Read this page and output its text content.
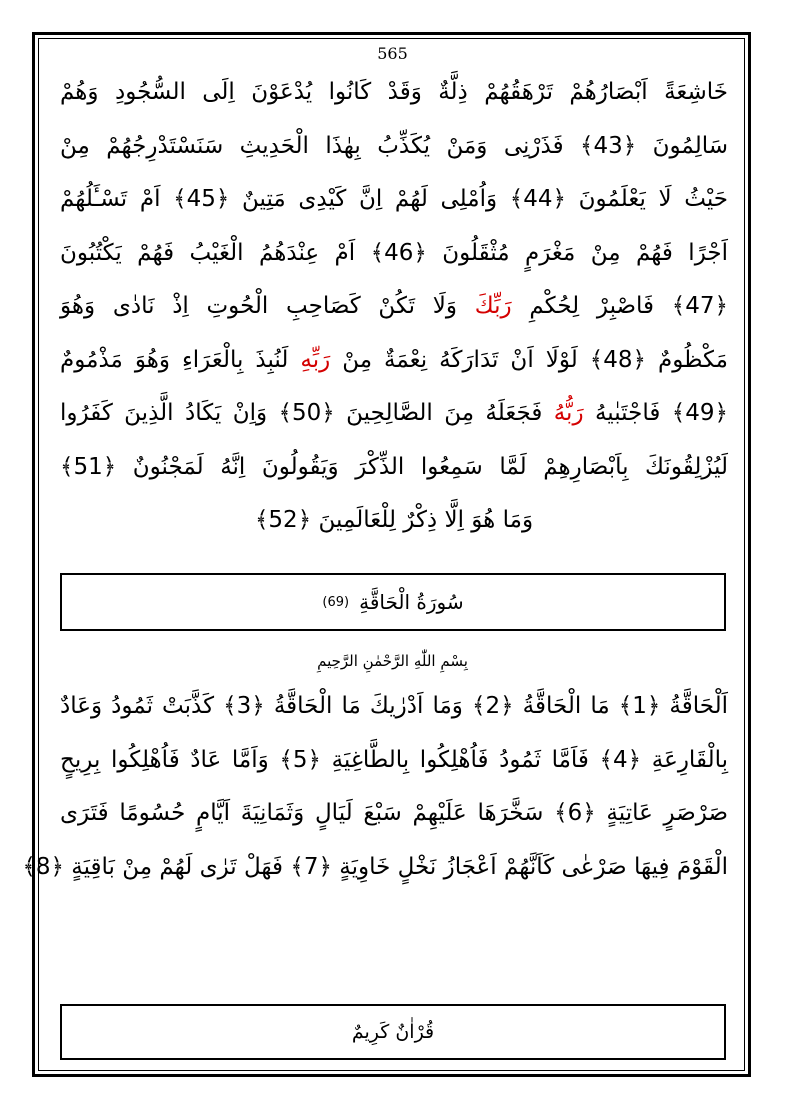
565
خَاشِعَةً اَبْصَارُهُمْ تَرْهَقُهُمْ ذِلَّةٌ وَقَدْ كَانُوا يُدْعَوْنَ اِلَى السُّجُودِ وَهُمْ
سَالِمُونَ ﴿43﴾ فَذَرْنِى وَمَنْ يُكَذِّبُ بِهٰذَا الْحَدِيثِ سَنَسْتَدْرِجُهُمْ مِنْ
حَيْثُ لَا يَعْلَمُونَ ﴿44﴾ وَاُمْلِى لَهُمْ اِنَّ كَيْدِى مَتِينٌ ﴿45﴾ اَمْ تَسْـَٔلُهُمْ
اَجْرًا فَهُمْ مِنْ مَغْرَمٍ مُثْقَلُونَ ﴿46﴾ اَمْ عِنْدَهُمُ الْغَيْبُ فَهُمْ يَكْتُبُونَ
﴿47﴾ فَاصْبِرْ لِحُكْمِ رَبِّكَ وَلَا تَكُنْ كَصَاحِبِ الْحُوتِ اِذْ نَادٰى وَهُوَ
مَكْظُومٌ ﴿48﴾ لَوْلَا اَنْ تَدَارَكَهُ نِعْمَةٌ مِنْ رَبِّهِ لَنُبِذَ بِالْعَرَاءِ وَهُوَ مَذْمُومٌ
﴿49﴾ فَاجْتَبٰيهُ رَبُّهُ فَجَعَلَهُ مِنَ الصَّالِحِينَ ﴿50﴾ وَاِنْ يَكَادُ الَّذِينَ كَفَرُوا
لَيُزْلِقُونَكَ بِاَبْصَارِهِمْ لَمَّا سَمِعُوا الذِّكْرَ وَيَقُولُونَ اِنَّهُ لَمَجْنُونٌ ﴿51﴾
وَمَا هُوَ اِلَّا ذِكْرٌ لِلْعَالَمِينَ ﴿52﴾
سُورَةُ الْحَاقَّةِ
(69)
بِسْمِ اللّٰهِ الرَّحْمٰنِ الرَّحِيمِ
اَلْحَاقَّةُ ﴿1﴾ مَا الْحَاقَّةُ ﴿2﴾ وَمَا اَدْرٰيكَ مَا الْحَاقَّةُ ﴿3﴾ كَذَّبَتْ ثَمُودُ وَعَادٌ
بِالْقَارِعَةِ ﴿4﴾ فَاَمَّا ثَمُودُ فَاُهْلِكُوا بِالطَّاغِيَةِ ﴿5﴾ وَاَمَّا عَادٌ فَاُهْلِكُوا بِرِيحٍ
صَرْصَرٍ عَاتِيَةٍ ﴿6﴾ سَخَّرَهَا عَلَيْهِمْ سَبْعَ لَيَالٍ وَثَمَانِيَةَ اَيَّامٍ حُسُومًا فَتَرَى
الْقَوْمَ فِيهَا صَرْعٰى كَاَنَّهُمْ اَعْجَازُ نَخْلٍ خَاوِيَةٍ ﴿7﴾ فَهَلْ تَرٰى لَهُمْ مِنْ بَاقِيَةٍ ﴿8﴾
قُرْاٰنٌ كَرِيمٌ
